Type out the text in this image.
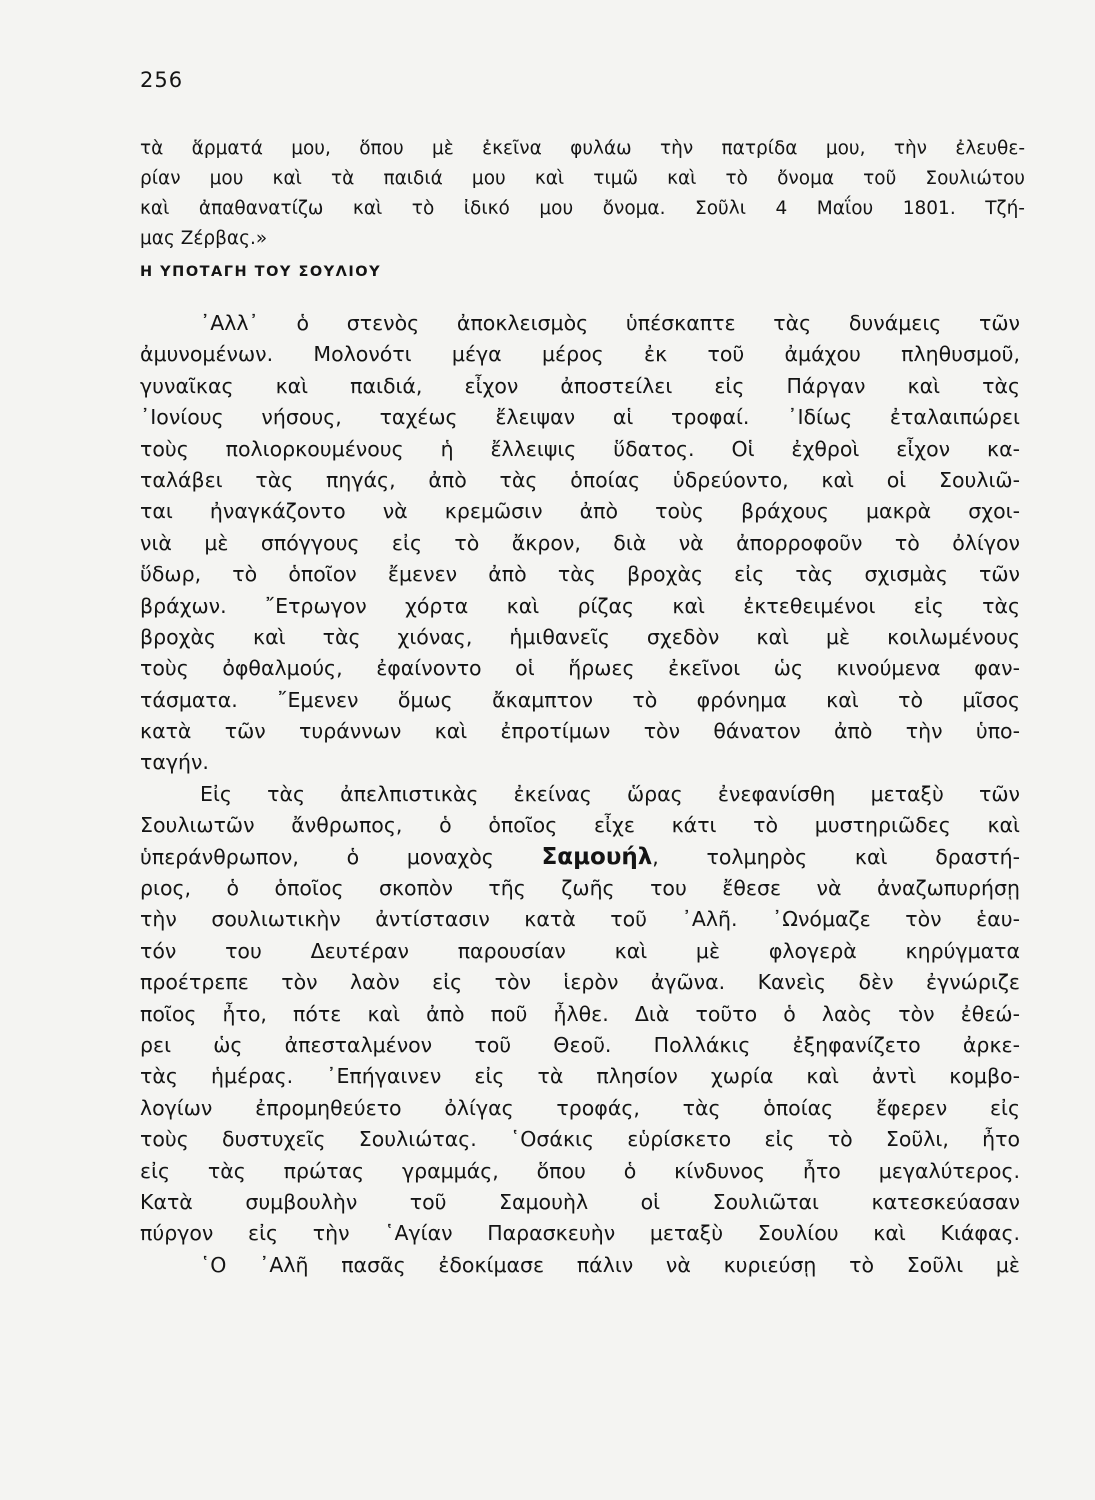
256
τὰ ἅρματά μου, ὅπου μὲ ἐκεῖνα φυλάω τὴν πατρίδα μου, τὴν ἐλευθε-
ρίαν μου καὶ τὰ παιδιά μου καὶ τιμῶ καὶ τὸ ὄνομα τοῦ Σουλιώτου
καὶ ἀπαθανατίζω καὶ τὸ ἰδικό μου ὄνομα. Σοῦλι 4 Μαΐου 1801. Τζή-
μας Ζέρβας.»
Η ΥΠΟΤΑΓΗ ΤΟΥ ΣΟΥΛΙΟΥ
᾿Αλλ᾿ ὁ στενὸς ἀποκλεισμὸς ὑπέσκαπτε τὰς δυνάμεις τῶν
ἀμυνομένων. Μολονότι μέγα μέρος ἐκ τοῦ ἀμάχου πληθυσμοῦ,
γυναῖκας καὶ παιδιά, εἶχον ἀποστείλει εἰς Πάργαν καὶ τὰς
᾿Ιονίους νήσους, ταχέως ἔλειψαν αἱ τροφαί. ᾿Ιδίως ἐταλαιπώρει
τοὺς πολιορκουμένους ἡ ἔλλειψις ὕδατος. Οἱ ἐχθροὶ εἶχον κα-
ταλάβει τὰς πηγάς, ἀπὸ τὰς ὁποίας ὑδρεύοντο, καὶ οἱ Σουλιῶ-
ται ἠναγκάζοντο νὰ κρεμῶσιν ἀπὸ τοὺς βράχους μακρὰ σχοι-
νιὰ μὲ σπόγγους εἰς τὸ ἄκρον, διὰ νὰ ἀπορροφοῦν τὸ ὀλίγον
ὕδωρ, τὸ ὁποῖον ἔμενεν ἀπὸ τὰς βροχὰς εἰς τὰς σχισμὰς τῶν
βράχων. ῎Ετρωγον χόρτα καὶ ρίζας καὶ ἐκτεθειμένοι εἰς τὰς
βροχὰς καὶ τὰς χιόνας, ἡμιθανεῖς σχεδὸν καὶ μὲ κοιλωμένους
τοὺς ὀφθαλμούς, ἐφαίνοντο οἱ ἥρωες ἐκεῖνοι ὡς κινούμενα φαν-
τάσματα. ῎Εμενεν ὅμως ἄκαμπτον τὸ φρόνημα καὶ τὸ μῖσος
κατὰ τῶν τυράννων καὶ ἐπροτίμων τὸν θάνατον ἀπὸ τὴν ὑπο-
ταγήν.
Εἰς τὰς ἀπελπιστικὰς ἐκείνας ὥρας ἐνεφανίσθη μεταξὺ τῶν
Σουλιωτῶν ἄνθρωπος, ὁ ὁποῖος εἶχε κάτι τὸ μυστηριῶδες καὶ
ὑπεράνθρωπον, ὁ μοναχὸς Σαμουήλ, τολμηρὸς καὶ δραστή-
ριος, ὁ ὁποῖος σκοπὸν τῆς ζωῆς του ἔθεσε νὰ ἀναζωπυρήσῃ
τὴν σουλιωτικὴν ἀντίστασιν κατὰ τοῦ ᾿Αλῆ. ᾿Ωνόμαζε τὸν ἑαυ-
τόν του Δευτέραν παρουσίαν καὶ μὲ φλογερὰ κηρύγματα
προέτρεπε τὸν λαὸν εἰς τὸν ἱερὸν ἀγῶνα. Κανεὶς δὲν ἐγνώριζε
ποῖος ἦτο, πότε καὶ ἀπὸ ποῦ ἦλθε. Διὰ τοῦτο ὁ λαὸς τὸν ἐθεώ-
ρει ὡς ἀπεσταλμένον τοῦ Θεοῦ. Πολλάκις ἐξηφανίζετο ἀρκε-
τὰς ἡμέρας. ᾿Επήγαινεν εἰς τὰ πλησίον χωρία καὶ ἀντὶ κομβο-
λογίων ἐπρομηθεύετο ὀλίγας τροφάς, τὰς ὁποίας ἔφερεν εἰς
τοὺς δυστυχεῖς Σουλιώτας. ῾Οσάκις εὑρίσκετο εἰς τὸ Σοῦλι, ἦτο
εἰς τὰς πρώτας γραμμάς, ὅπου ὁ κίνδυνος ἦτο μεγαλύτερος.
Κατὰ συμβουλὴν τοῦ Σαμουὴλ οἱ Σουλιῶται κατεσκεύασαν
πύργον εἰς τὴν ῾Αγίαν Παρασκευὴν μεταξὺ Σουλίου καὶ Κιάφας.
῾Ο ᾿Αλῆ πασᾶς ἐδοκίμασε πάλιν νὰ κυριεύσῃ τὸ Σοῦλι μὲ
